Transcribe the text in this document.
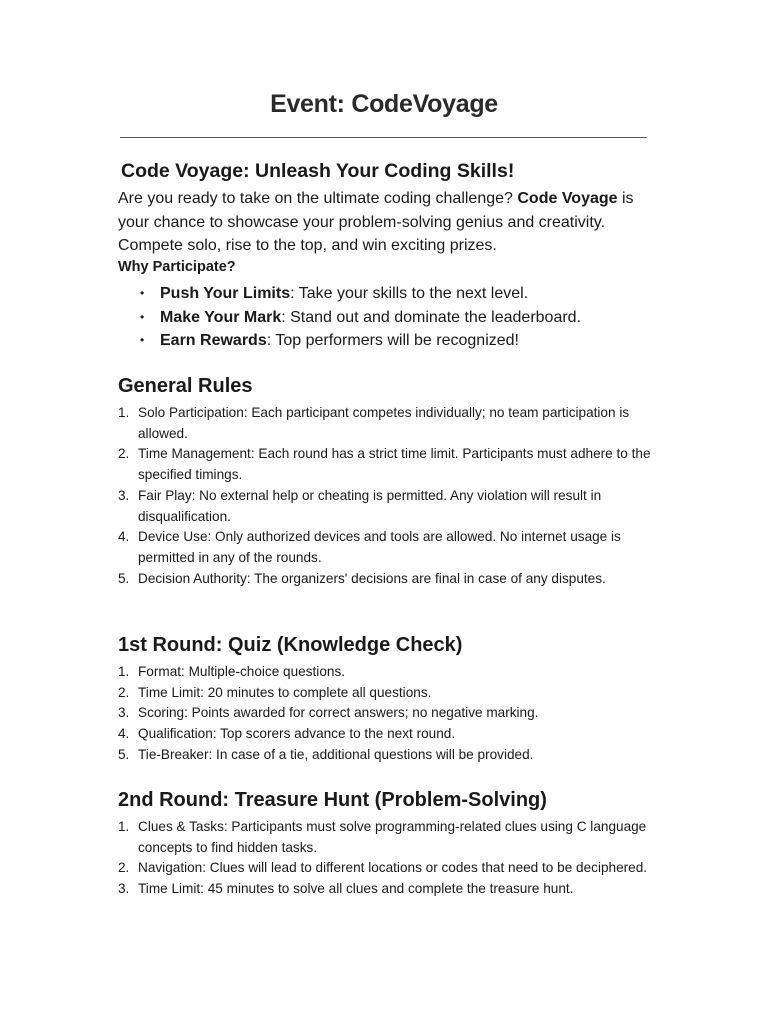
Event: CodeVoyage
Code Voyage: Unleash Your Coding Skills!

Are you ready to take on the ultimate coding challenge? Code Voyage is your chance to showcase your problem-solving genius and creativity. Compete solo, rise to the top, and win exciting prizes.

Why Participate?
• Push Your Limits: Take your skills to the next level.
• Make Your Mark: Stand out and dominate the leaderboard.
• Earn Rewards: Top performers will be recognized!
General Rules
1. Solo Participation: Each participant competes individually; no team participation is allowed.
2. Time Management: Each round has a strict time limit. Participants must adhere to the specified timings.
3. Fair Play: No external help or cheating is permitted. Any violation will result in disqualification.
4. Device Use: Only authorized devices and tools are allowed. No internet usage is permitted in any of the rounds.
5. Decision Authority: The organizers' decisions are final in case of any disputes.
1st Round: Quiz (Knowledge Check)
1. Format: Multiple-choice questions.
2. Time Limit: 20 minutes to complete all questions.
3. Scoring: Points awarded for correct answers; no negative marking.
4. Qualification: Top scorers advance to the next round.
5. Tie-Breaker: In case of a tie, additional questions will be provided.
2nd Round: Treasure Hunt (Problem-Solving)
1. Clues & Tasks: Participants must solve programming-related clues using C language concepts to find hidden tasks.
2. Navigation: Clues will lead to different locations or codes that need to be deciphered.
3. Time Limit: 45 minutes to solve all clues and complete the treasure hunt.
